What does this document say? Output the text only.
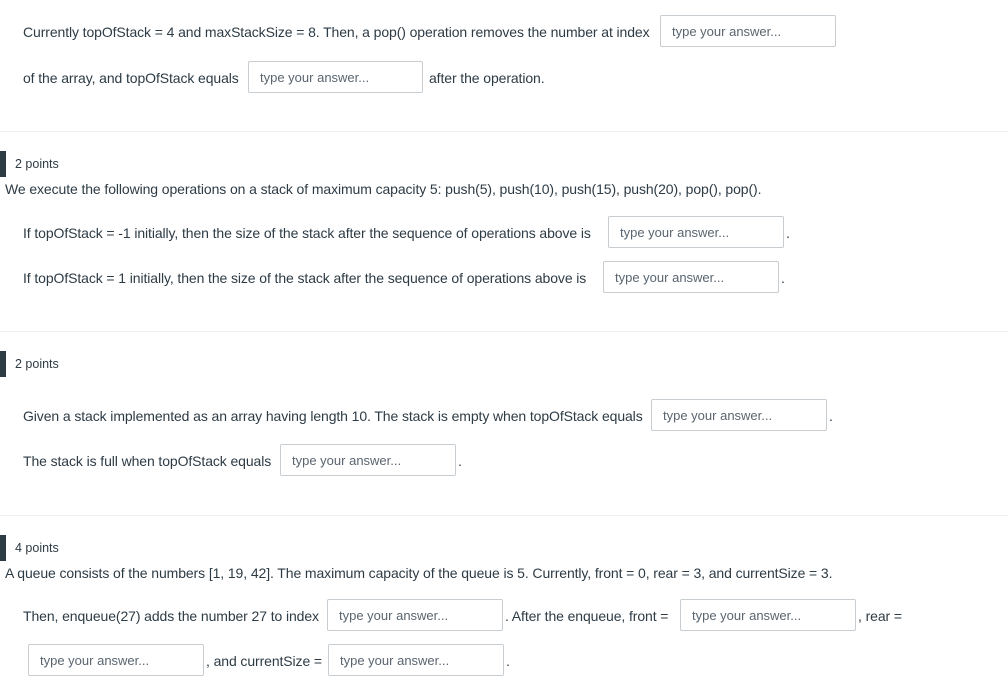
Currently topOfStack = 4 and maxStackSize = 8. Then, a pop() operation removes the number at index
type your answer...
of the array, and topOfStack equals
type your answer...	after the operation.
2 points
We execute the following operations on a stack of maximum capacity 5: push(5), push(10), push(15), push(20), pop(), pop().
If topOfStack = -1 initially, then the size of the stack after the sequence of operations above is
type your answer...	.
If topOfStack = 1 initially, then the size of the stack after the sequence of operations above is
type your answer...	.
2 points
Given a stack implemented as an array having length 10. The stack is empty when topOfStack equals
type your answer...	.
The stack is full when topOfStack equals
type your answer...	.
4 points
A queue consists of the numbers [1, 19, 42]. The maximum capacity of the queue is 5. Currently, front = 0, rear = 3, and currentSize = 3.
Then, enqueue(27) adds the number 27 to index
type your answer...	. After the enqueue, front =
type your answer...	, rear =
type your answer...
, and currentSize =
type your answer...	.
